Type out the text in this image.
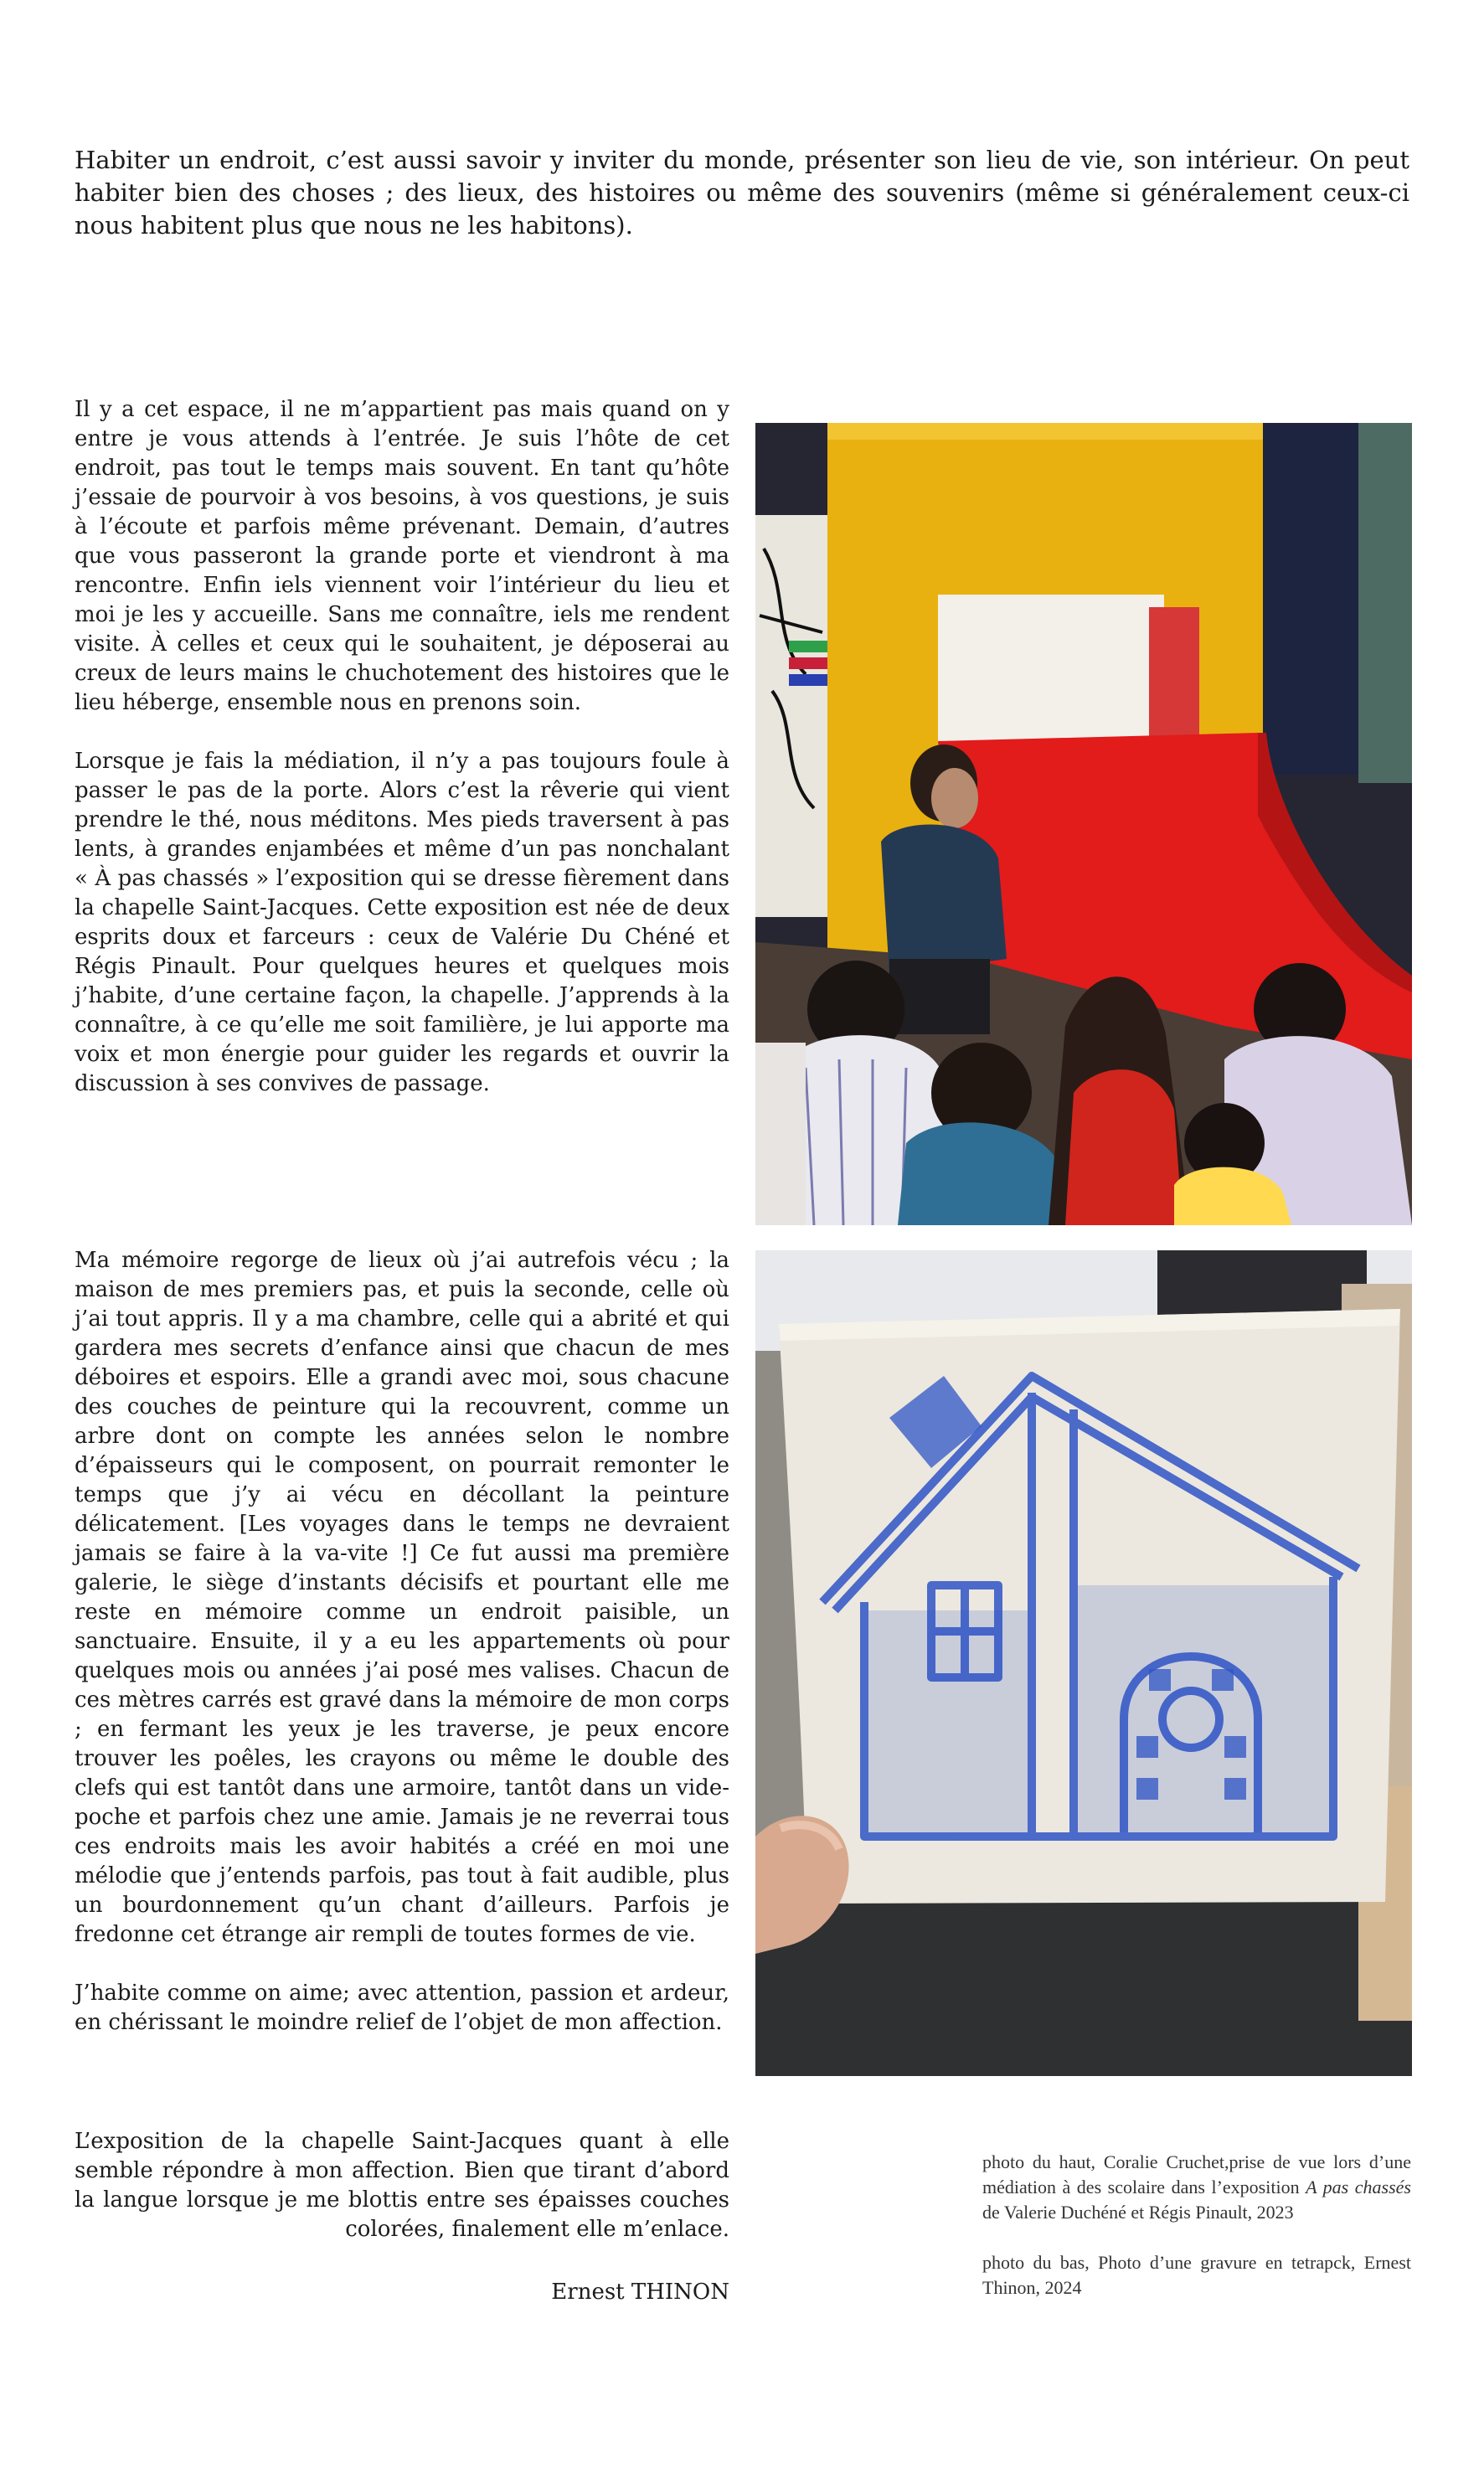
Habiter un endroit, c’est aussi savoir y inviter du monde, présenter son lieu de vie, son intérieur. On peut habiter bien des choses ; des lieux, des histoires ou même des souvenirs (même si généralement ceux-ci nous habitent plus que nous ne les habitons).

Il y a cet espace, il ne m’appartient pas mais quand on y entre je vous attends à l’entrée. Je suis l’hôte de cet endroit, pas tout le temps mais souvent. En tant qu’hôte j’essaie de pourvoir à vos besoins, à vos questions, je suis à l’écoute et parfois même prévenant. Demain, d’autres que vous passeront la grande porte et viendront à ma rencontre. Enfin iels viennent voir l’intérieur du lieu et moi je les y accueille. Sans me connaître, iels me rendent visite. À celles et ceux qui le souhaitent, je déposerai au creux de leurs mains le chuchotement des histoires que le lieu héberge, ensemble nous en prenons soin.

Lorsque je fais la médiation, il n’y a pas toujours foule à passer le pas de la porte. Alors c’est la rêverie qui vient prendre le thé, nous méditons. Mes pieds traversent à pas lents, à grandes enjambées et même d’un pas nonchalant « À pas chassés » l’exposition qui se dresse fièrement dans la chapelle Saint-Jacques. Cette exposition est née de deux esprits doux et farceurs : ceux de Valérie Du Chéné et Régis Pinault. Pour quelques heures et quelques mois j’habite, d’une certaine façon, la chapelle. J’apprends à la connaître, à ce qu’elle me soit familière, je lui apporte ma voix et mon énergie pour guider les regards et ouvrir la discussion à ses convives de passage.

Ma mémoire regorge de lieux où j’ai autrefois vécu ; la maison de mes premiers pas, et puis la seconde, celle où j’ai tout appris. Il y a ma chambre, celle qui a abrité et qui gardera mes secrets d’enfance ainsi que chacun de mes déboires et espoirs. Elle a grandi avec moi, sous chacune des couches de peinture qui la recouvrent, comme un arbre dont on compte les années selon le nombre d’épaisseurs qui le composent, on pourrait remonter le temps que j’y ai vécu en décollant la peinture délicatement. [Les voyages dans le temps ne devraient jamais se faire à la va-vite !] Ce fut aussi ma première galerie, le siège d’instants décisifs et pourtant elle me reste en mémoire comme un endroit paisible, un sanctuaire. Ensuite, il y a eu les appartements où pour quelques mois ou années j’ai posé mes valises. Chacun de ces mètres carrés est gravé dans la mémoire de mon corps ; en fermant les yeux je les traverse, je peux encore trouver les poêles, les crayons ou même le double des clefs qui est tantôt dans une armoire, tantôt dans un vide-poche et parfois chez une amie. Jamais je ne reverrai tous ces endroits mais les avoir habités a créé en moi une mélodie que j’entends parfois, pas tout à fait audible, plus un bourdonnement qu’un chant d’ailleurs. Parfois je fredonne cet étrange air rempli de toutes formes de vie.

J’habite comme on aime; avec attention, passion et ardeur, en chérissant le moindre relief de l’objet de mon affection.

L’exposition de la chapelle Saint-Jacques quant à elle semble répondre à mon affection. Bien que tirant d’abord la langue lorsque je me blottis entre ses épaisses couches colorées, finalement elle m’enlace.

Ernest THINON

photo du haut, Coralie Cruchet,prise de vue lors d’une médiation à des scolaire dans l’exposition A pas chassés de Valerie Duchéné et Régis Pinault, 2023

photo du bas, Photo d’une gravure en tetrapck, Ernest Thinon, 2024
